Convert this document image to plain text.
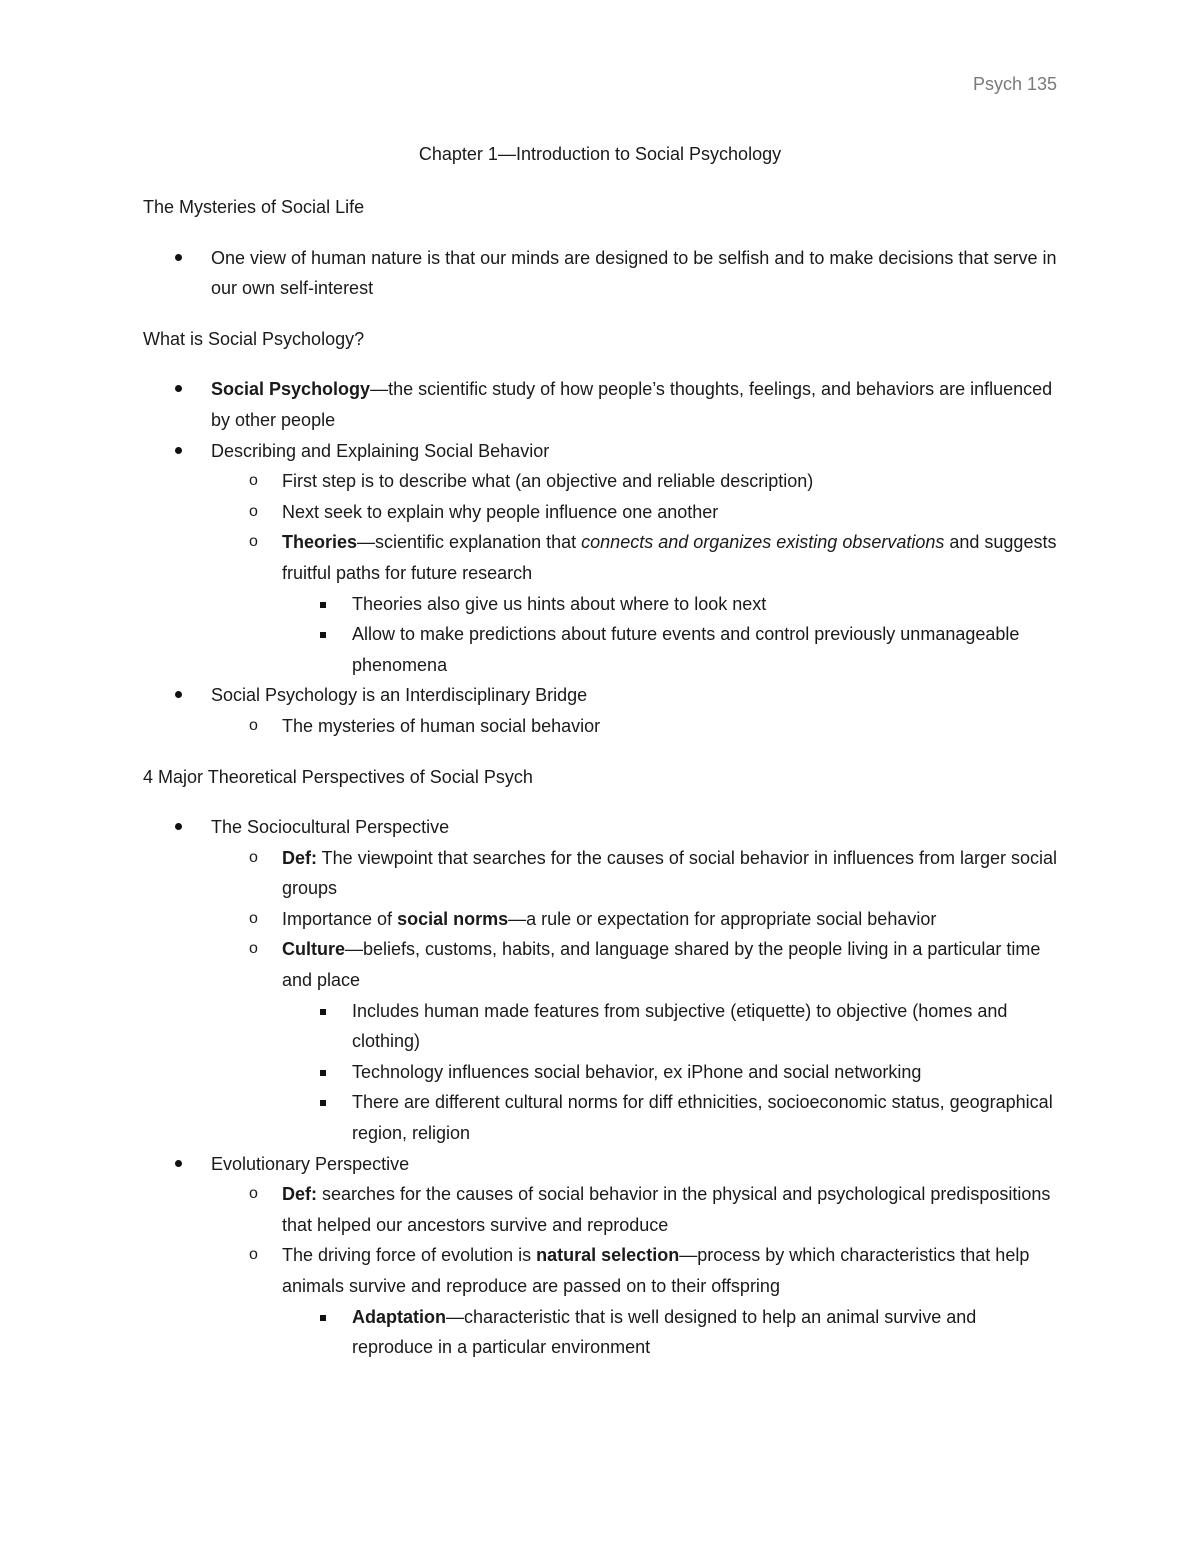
Psych 135
Chapter 1—Introduction to Social Psychology
The Mysteries of Social Life
One view of human nature is that our minds are designed to be selfish and to make decisions that serve in our own self-interest
What is Social Psychology?
Social Psychology—the scientific study of how people’s thoughts, feelings, and behaviors are influenced by other people
Describing and Explaining Social Behavior
o First step is to describe what (an objective and reliable description)
o Next seek to explain why people influence one another
o Theories—scientific explanation that connects and organizes existing observations and suggests fruitful paths for future research
Theories also give us hints about where to look next
Allow to make predictions about future events and control previously unmanageable phenomena
Social Psychology is an Interdisciplinary Bridge
o The mysteries of human social behavior
4 Major Theoretical Perspectives of Social Psych
The Sociocultural Perspective
o Def: The viewpoint that searches for the causes of social behavior in influences from larger social groups
o Importance of social norms—a rule or expectation for appropriate social behavior
o Culture—beliefs, customs, habits, and language shared by the people living in a particular time and place
Includes human made features from subjective (etiquette) to objective (homes and clothing)
Technology influences social behavior, ex iPhone and social networking
There are different cultural norms for diff ethnicities, socioeconomic status, geographical region, religion
Evolutionary Perspective
o Def: searches for the causes of social behavior in the physical and psychological predispositions that helped our ancestors survive and reproduce
o The driving force of evolution is natural selection—process by which characteristics that help animals survive and reproduce are passed on to their offspring
Adaptation—characteristic that is well designed to help an animal survive and reproduce in a particular environment
